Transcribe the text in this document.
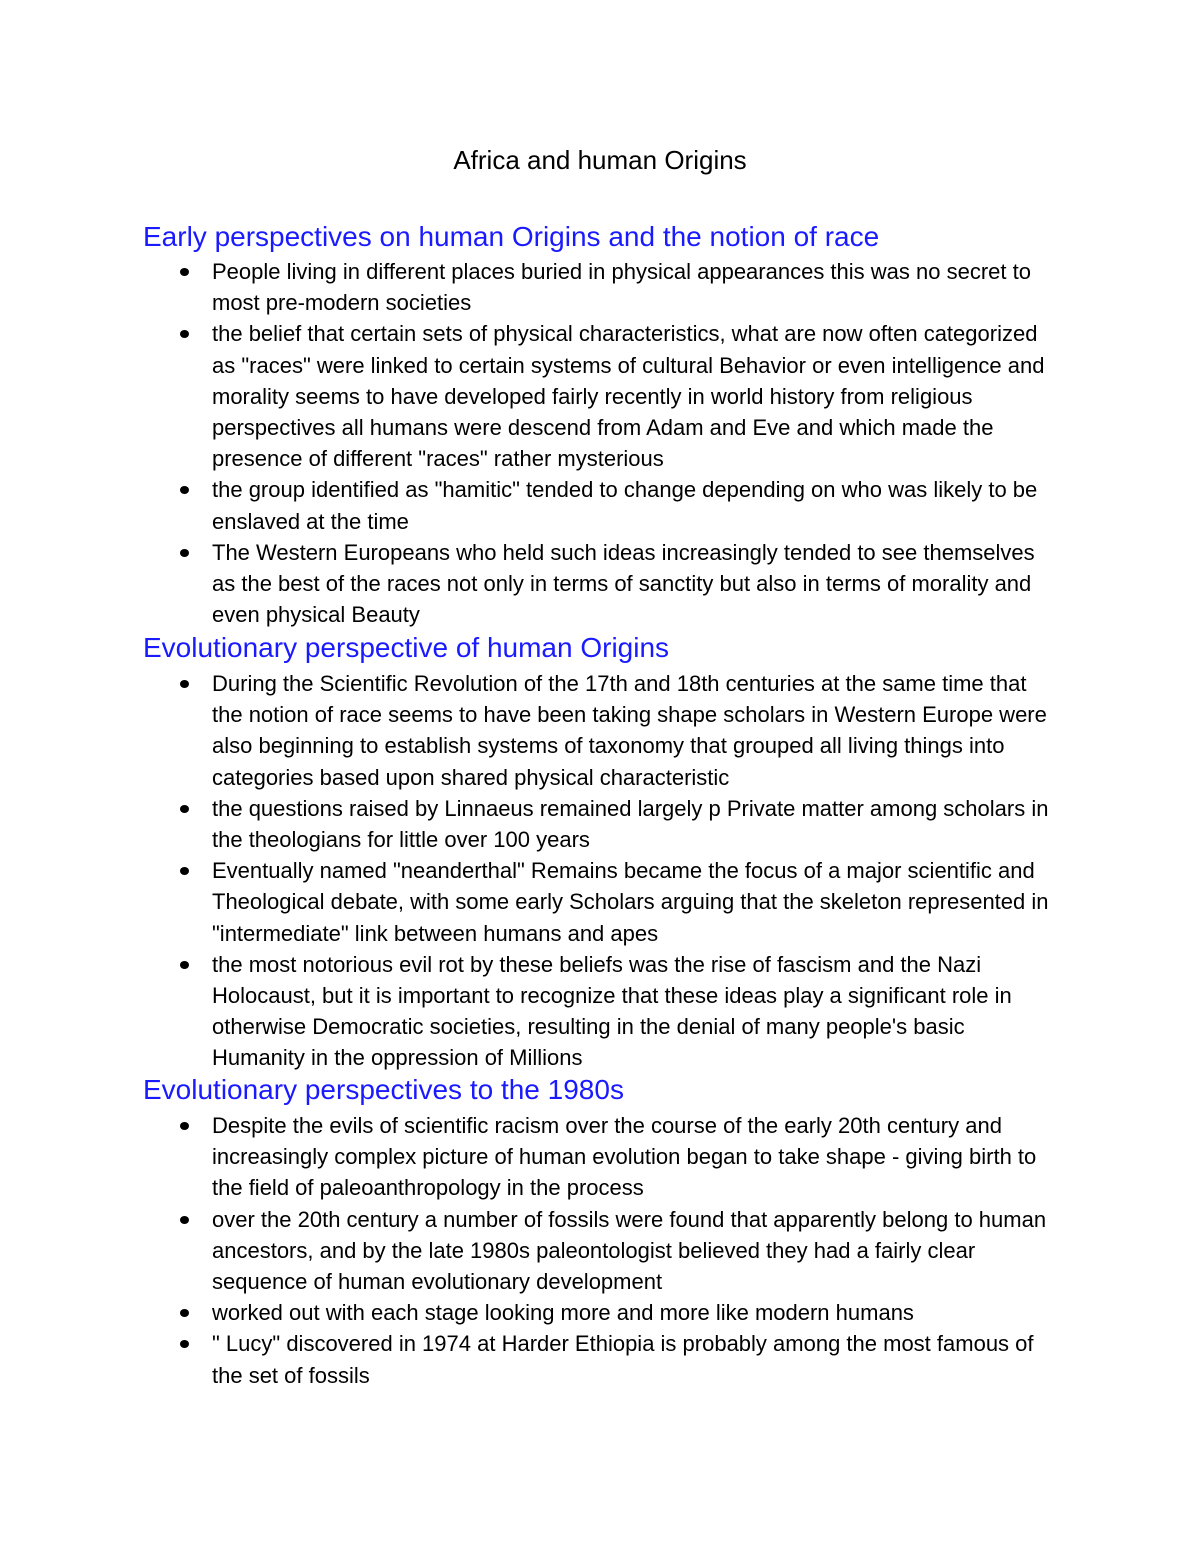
Africa and human Origins
Early perspectives on human Origins and the notion of race
People living in different places buried in physical appearances this was no secret to most pre-modern societies
the belief that certain sets of physical characteristics, what are now often categorized as "races" were linked to certain systems of cultural Behavior or even intelligence and morality seems to have developed fairly recently in world history from religious perspectives all humans were descend from Adam and Eve and which made the presence of different "races" rather mysterious
the group identified as "hamitic" tended to change depending on who was likely to be enslaved at the time
The Western Europeans who held such ideas increasingly tended to see themselves as the best of the races not only in terms of sanctity but also in terms of morality and even physical Beauty
Evolutionary perspective of human Origins
During the Scientific Revolution of the 17th and 18th centuries at the same time that the notion of race seems to have been taking shape scholars in Western Europe were also beginning to establish systems of taxonomy that grouped all living things into categories based upon shared physical characteristic
the questions raised by Linnaeus remained largely p Private matter among scholars in the theologians for little over 100 years
Eventually named "neanderthal" Remains became the focus of a major scientific and Theological debate, with some early Scholars arguing that the skeleton represented in "intermediate" link between humans and apes
the most notorious evil rot by these beliefs was the rise of fascism and the Nazi Holocaust, but it is important to recognize that these ideas play a significant role in otherwise Democratic societies, resulting in the denial of many people's basic Humanity in the oppression of Millions
Evolutionary perspectives to the 1980s
Despite the evils of scientific racism over the course of the early 20th century and increasingly complex picture of human evolution began to take shape - giving birth to the field of paleoanthropology in the process
over the 20th century a number of fossils were found that apparently belong to human ancestors, and by the late 1980s paleontologist believed they had a fairly clear sequence of human evolutionary development
worked out with each stage looking more and more like modern humans
" Lucy" discovered in 1974 at Harder Ethiopia is probably among the most famous of the set of fossils
